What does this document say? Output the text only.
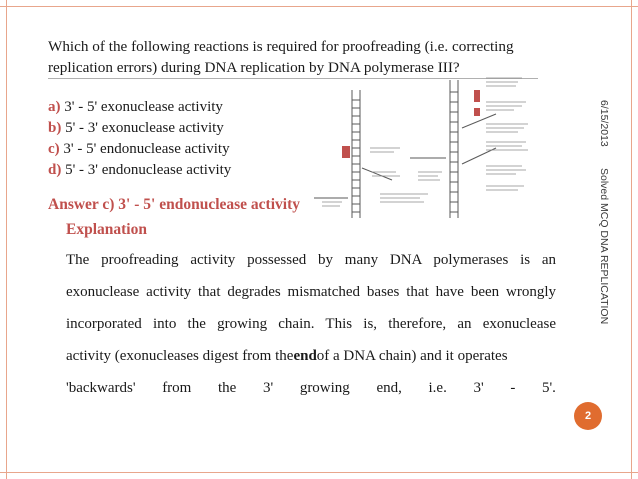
Which of the following reactions is required for proofreading (i.e. correcting
replication errors) during DNA replication by DNA polymerase III?
a) 3' - 5' exonuclease activity
b) 5' - 3' exonuclease activity
c) 3' - 5' endonuclease activity
d) 5' - 3' endonuclease activity
Answer c) 3' - 5' endonuclease activity
Explanation
The proofreading activity possessed by many DNA polymerases is an
exonuclease activity that degrades mismatched bases that have been wrongly
incorporated into the growing chain. This is, therefore, an exonuclease
activity (exonucleases digest from the end of a DNA chain) and it operates
'backwards' from the 3' growing end, i.e. 3' - 5'.
6/15/2013
Solved MCQ DNA REPLICATION
2
